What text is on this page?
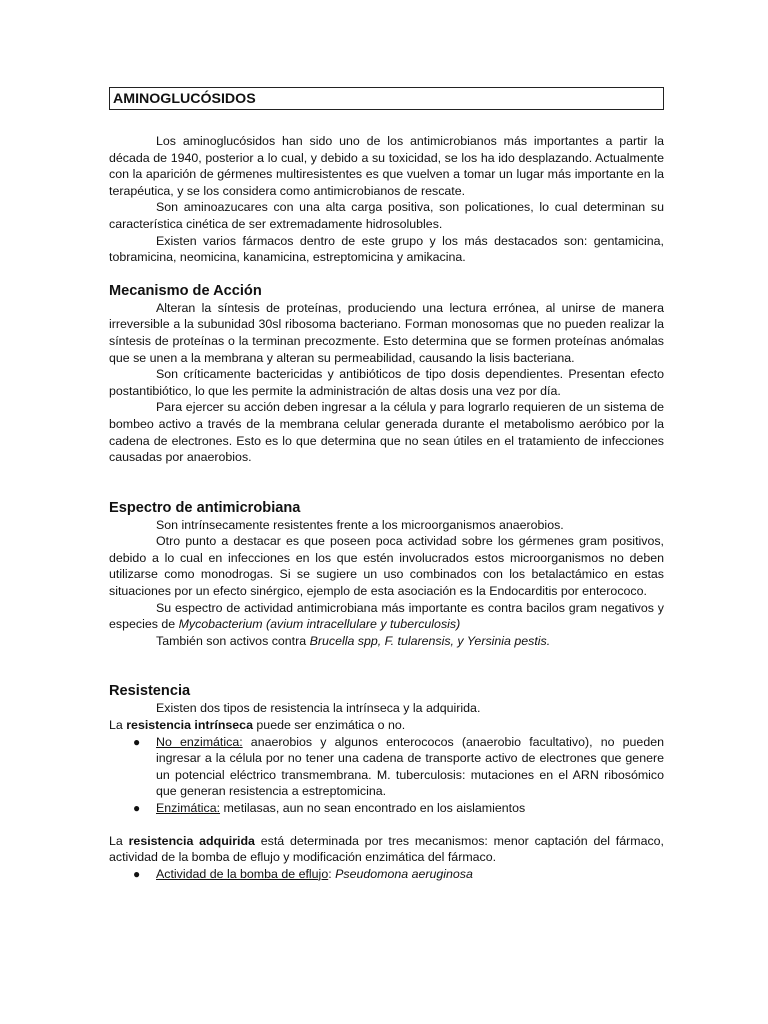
AMINOGLUCÓSIDOS

Los aminoglucósidos han sido uno de los antimicrobianos más importantes a partir la década de 1940, posterior a lo cual, y debido a su toxicidad, se los ha ido desplazando. Actualmente con la aparición de gérmenes multiresistentes es que vuelven a tomar un lugar más importante en la terapéutica, y se los considera como antimicrobianos de rescate.

Son aminoazucares con una alta carga positiva, son policationes, lo cual determinan su característica cinética de ser extremadamente hidrosolubles.

Existen varios fármacos dentro de este grupo y los más destacados son: gentamicina, tobramicina, neomicina, kanamicina, estreptomicina y amikacina.

Mecanismo de Acción

Alteran la síntesis de proteínas, produciendo una lectura errónea, al unirse de manera irreversible a la subunidad 30sl ribosoma bacteriano. Forman monosomas que no pueden realizar la síntesis de proteínas o la terminan precozmente. Esto determina que se formen proteínas anómalas que se unen a la membrana y alteran su permeabilidad, causando la lisis bacteriana.

Son críticamente bactericidas y antibióticos de tipo dosis dependientes. Presentan efecto postantibiótico, lo que les permite la administración de altas dosis una vez por día.

Para ejercer su acción deben ingresar a la célula y para lograrlo requieren de un sistema de bombeo activo a través de la membrana celular generada durante el metabolismo aeróbico por la cadena de electrones. Esto es lo que determina que no sean útiles en el tratamiento de infecciones causadas por anaerobios.

Espectro de antimicrobiana

Son intrínsecamente resistentes frente a los microorganismos anaerobios.

Otro punto a destacar es que poseen poca actividad sobre los gérmenes gram positivos, debido a lo cual en infecciones en los que estén involucrados estos microorganismos no deben utilizarse como monodrogas. Si se sugiere un uso combinados con los betalactámico en estas situaciones por un efecto sinérgico, ejemplo de esta asociación es la Endocarditis por enterococo.

Su espectro de actividad antimicrobiana más importante es contra bacilos gram negativos y especies de Mycobacterium (avium intracellulare y tuberculosis)

También son activos contra Brucella spp, F. tularensis, y Yersinia pestis.

Resistencia

Existen dos tipos de resistencia la intrínseca y la adquirida.

La resistencia intrínseca puede ser enzimática o no.

● No enzimática: anaerobios y algunos enterococos (anaerobio facultativo), no pueden ingresar a la célula por no tener una cadena de transporte activo de electrones que genere un potencial eléctrico transmembrana. M. tuberculosis: mutaciones en el ARN ribosómico que generan resistencia a estreptomicina.
● Enzimática: metilasas, aun no sean encontrado en los aislamientos

La resistencia adquirida está determinada por tres mecanismos: menor captación del fármaco, actividad de la bomba de eflujo y modificación enzimática del fármaco.

● Actividad de la bomba de eflujo: Pseudomona aeruginosa
